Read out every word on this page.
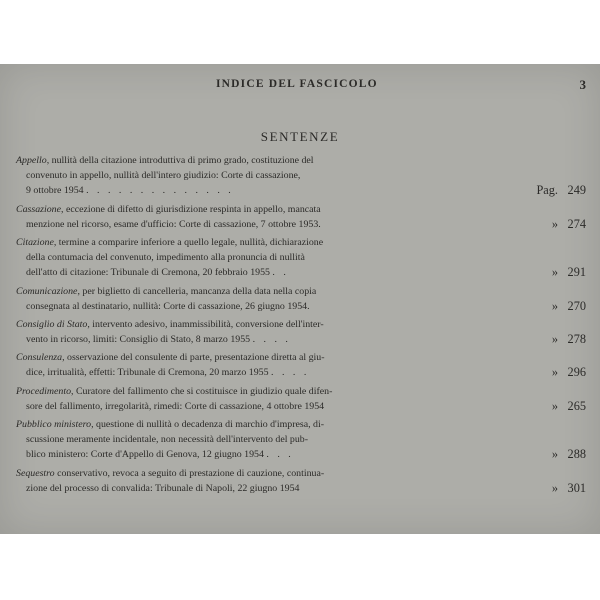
INDICE DEL FASCICOLO	3
SENTENZE
Appello, nullità della citazione introduttiva di primo grado, costituzione del
convenuto in appello, nullità dell'intero giudizio: Corte di cassazione,
9 ottobre 1954 . . . . . . . . . . . . . .	Pag. 249
Cassazione, eccezione di difetto di giurisdizione respinta in appello, mancata
menzione nel ricorso, esame d'ufficio: Corte di cassazione, 7 ottobre 1953.	» 274
Citazione, termine a comparire inferiore a quello legale, nullità, dichiarazione
della contumacia del convenuto, impedimento alla pronuncia di nullità
dell'atto di citazione: Tribunale di Cremona, 20 febbraio 1955 . .	» 291
Comunicazione, per biglietto di cancelleria, mancanza della data nella copia
consegnata al destinatario, nullità: Corte di cassazione, 26 giugno 1954.	» 270
Consiglio di Stato, intervento adesivo, inammissibilità, conversione dell'inter-
vento in ricorso, limiti: Consiglio di Stato, 8 marzo 1955 . . . .	» 278
Consulenza, osservazione del consulente di parte, presentazione diretta al giu-
dice, irritualità, effetti: Tribunale di Cremona, 20 marzo 1955 . . . .	» 296
Procedimento, Curatore del fallimento che si costituisce in giudizio quale difen-
sore del fallimento, irregolarità, rimedi: Corte di cassazione, 4 ottobre 1954	» 265
Pubblico ministero, questione di nullità o decadenza di marchio d'impresa, di-
scussione meramente incidentale, non necessità dell'intervento del pub-
blico ministero: Corte d'Appello di Genova, 12 giugno 1954 . . .	» 288
Sequestro conservativo, revoca a seguito di prestazione di cauzione, continua-
zione del processo di convalida: Tribunale di Napoli, 22 giugno 1954	» 301
